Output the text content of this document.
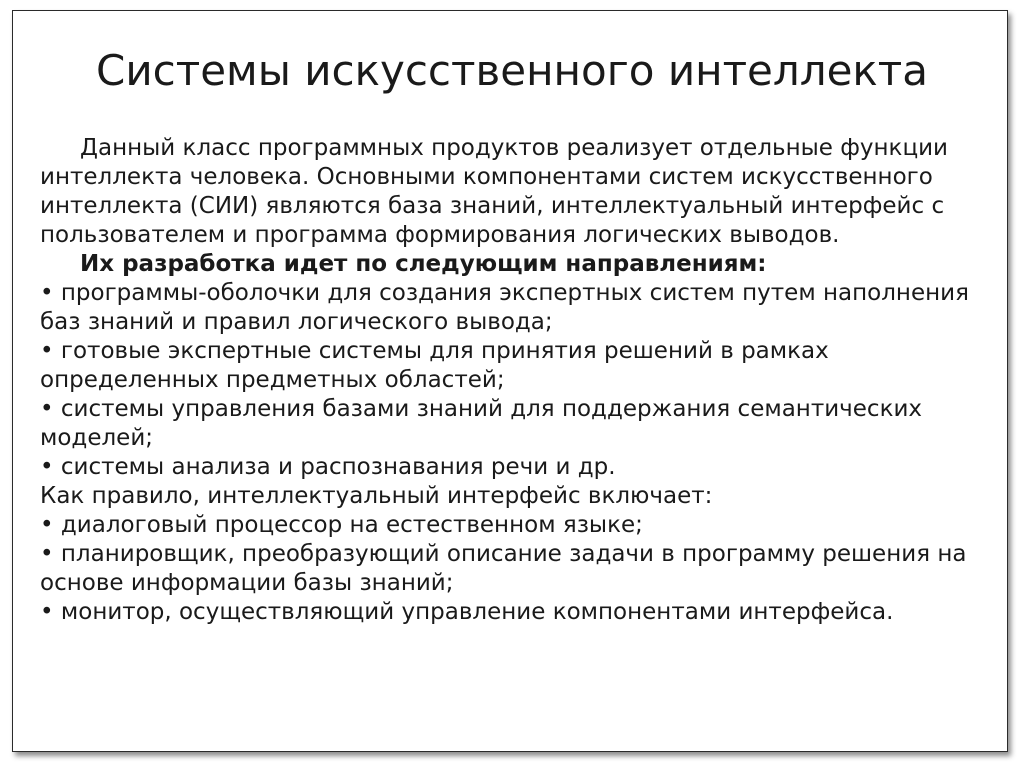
Системы искусственного интеллекта

Данный класс программных продуктов реализует отдельные функции интеллекта человека. Основными компонентами систем искусственного интеллекта (СИИ) являются база знаний, интеллектуальный интерфейс с пользователем и программа формирования логических выводов.

Их разработка идет по следующим направлениям:

• программы-оболочки для создания экспертных систем путем наполнения баз знаний и правил логического вывода;

• готовые экспертные системы для принятия решений в рамках определенных предметных областей;

• системы управления базами знаний для поддержания семантических моделей;

• системы анализа и распознавания речи и др.

Как правило, интеллектуальный интерфейс включает:

• диалоговый процессор на естественном языке;

• планировщик, преобразующий описание задачи в программу решения на основе информации базы знаний;

• монитор, осуществляющий управление компонентами интерфейса.
